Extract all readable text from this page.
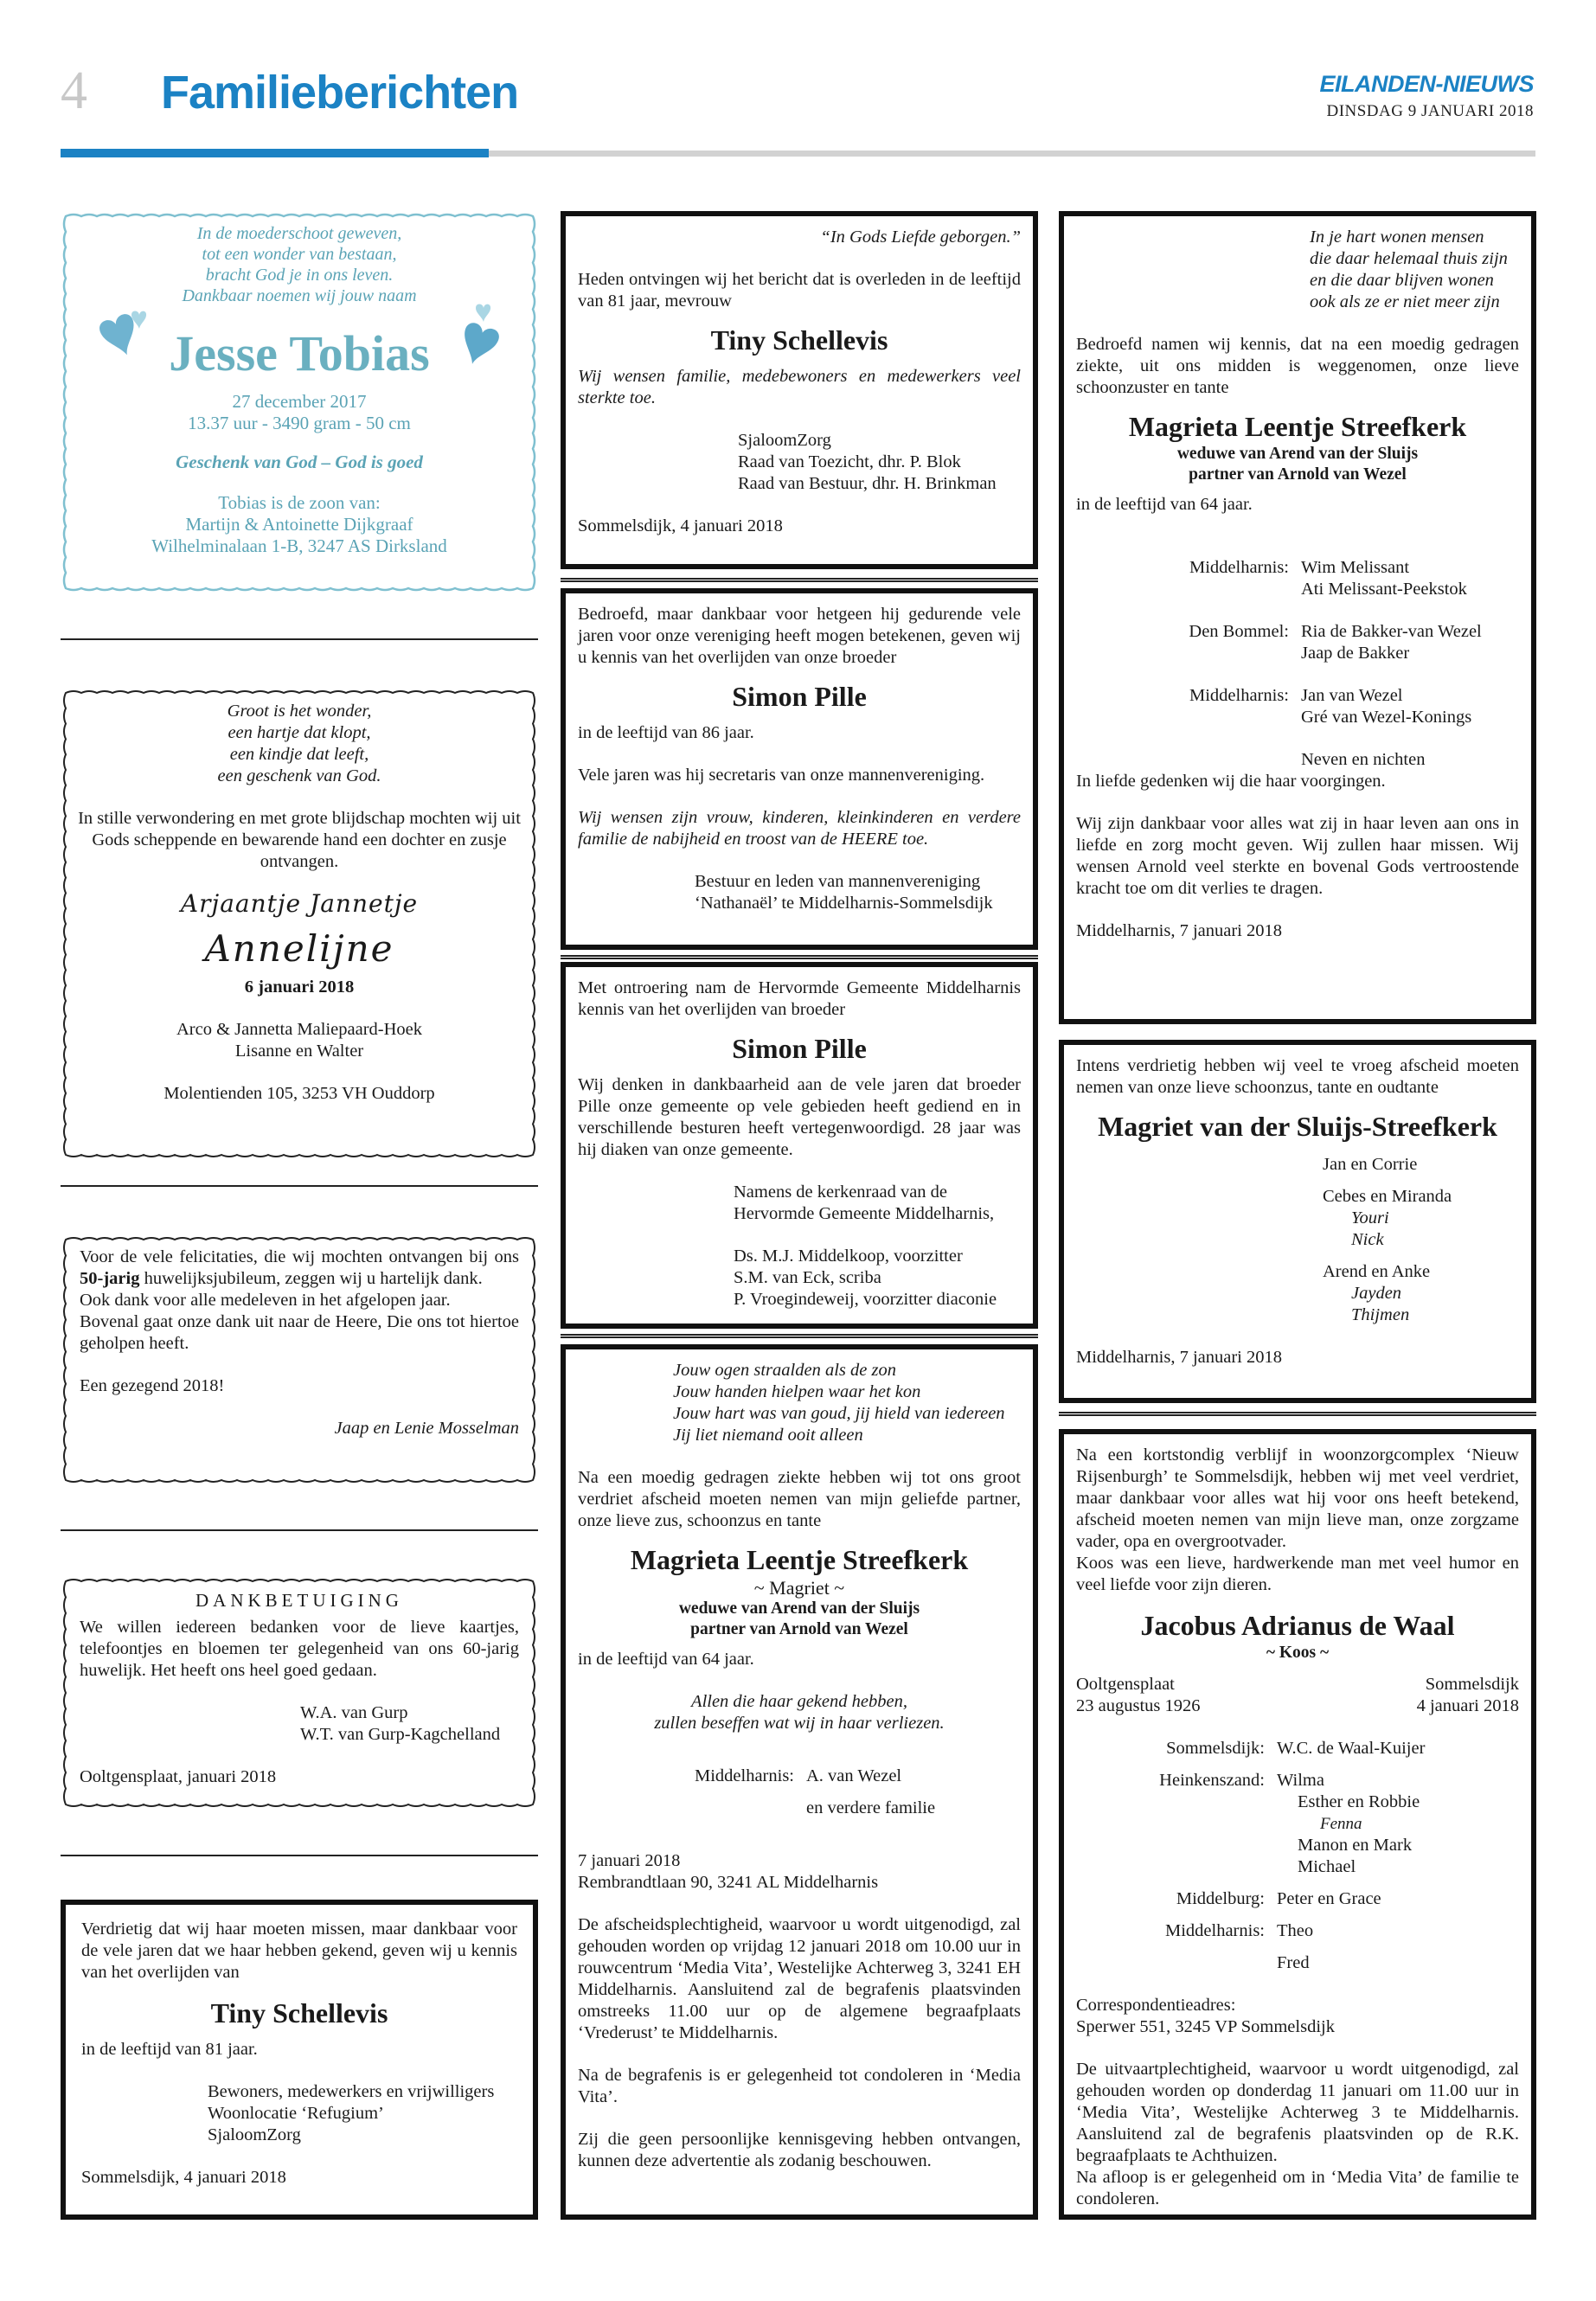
4 Familieberichten	EILANDEN-NIEUWS
DINSDAG 9 JANUARI 2018
In de moederschoot geweven,
tot een wonder van bestaan,
bracht God je in ons leven.
Dankbaar noemen wij jouw naam
Jesse Tobias
27 december 2017
13.37 uur - 3490 gram - 50 cm
Geschenk van God – God is goed
Tobias is de zoon van:
Martijn & Antoinette Dijkgraaf
Wilhelminalaan 1-B, 3247 AS Dirksland
Groot is het wonder,
een hartje dat klopt,
een kindje dat leeft,
een geschenk van God.

In stille verwondering en met grote blijdschap mochten wij uit Gods scheppende en bewarende hand een dochter en zusje ontvangen.

Arjaantje Jannetje
Annelijne
6 januari 2018
Arco & Jannetta Maliepaard-Hoek
Lisanne en Walter
Molentienden 105, 3253 VH Ouddorp

Voor de vele felicitaties, die wij mochten ontvangen bij ons 50-jarig huwelijksjubileum, zeggen wij u hartelijk dank.

Ook dank voor alle medeleven in het afgelopen jaar.

Bovenal gaat onze dank uit naar de Heere, Die ons tot hiertoe geholpen heeft.

Een gezegend 2018!

Jaap en Lenie Mosselman

DANKBETUIGING

We willen iedereen bedanken voor de lieve kaartjes, telefoontjes en bloemen ter gelegenheid van ons 60-jarig huwelijk. Het heeft ons heel goed gedaan.

W.A. van Gurp
W.T. van Gurp-Kagchelland
Ooltgensplaat, januari 2018

Verdrietig dat wij haar moeten missen, maar dankbaar voor de vele jaren dat we haar hebben gekend, geven wij u kennis van het overlijden van

Tiny Schellevis

in de leeftijd van 81 jaar.

Bewoners, medewerkers en vrijwilligers
Woonlocatie ‘Refugium’
SjaloomZorg

Sommelsdijk, 4 januari 2018

“In Gods Liefde geborgen.”

Heden ontvingen wij het bericht dat is overleden in de leeftijd van 81 jaar, mevrouw

Tiny Schellevis

Wij wensen familie, medebewoners en medewerkers veel sterkte toe.

SjaloomZorg
Raad van Toezicht, dhr. P. Blok
Raad van Bestuur, dhr. H. Brinkman

Sommelsdijk, 4 januari 2018

Bedroefd, maar dankbaar voor hetgeen hij gedurende vele jaren voor onze vereniging heeft mogen betekenen, geven wij u kennis van het overlijden van onze broeder

Simon Pille

in de leeftijd van 86 jaar.

Vele jaren was hij secretaris van onze mannenvereniging.

Wij wensen zijn vrouw, kinderen, kleinkinderen en verdere familie de nabijheid en troost van de HEERE toe.

Bestuur en leden van mannenvereniging
‘Nathanaël’ te Middelharnis-Sommelsdijk

Met ontroering nam de Hervormde Gemeente Middelharnis kennis van het overlijden van broeder

Simon Pille

Wij denken in dankbaarheid aan de vele jaren dat broeder Pille onze gemeente op vele gebieden heeft gediend en in verschillende besturen heeft vertegenwoordigd. 28 jaar was hij diaken van onze gemeente.

Namens de kerkenraad van de
Hervormde Gemeente Middelharnis,
Ds. M.J. Middelkoop, voorzitter
S.M. van Eck, scriba
P. Vroegindeweij, voorzitter diaconie
Jouw ogen straalden als de zon
Jouw handen hielpen waar het kon
Jouw hart was van goud, jij hield van iedereen
Jij liet niemand ooit alleen

Na een moedig gedragen ziekte hebben wij tot ons groot verdriet afscheid moeten nemen van mijn geliefde partner, onze lieve zus, schoonzus en tante

Magrieta Leentje Streefkerk

~ Magriet ~

weduwe van Arend van der Sluijs

partner van Arnold van Wezel

in de leeftijd van 64 jaar.

Allen die haar gekend hebben,
zullen beseffen wat wij in haar verliezen.
Middelharnis: A. van Wezel
en verdere familie

7 januari 2018

Rembrandtlaan 90, 3241 AL Middelharnis

De afscheidsplechtigheid, waarvoor u wordt uitgenodigd, zal gehouden worden op vrijdag 12 januari 2018 om 10.00 uur in rouwcentrum ‘Media Vita’, Westelijke Achterweg 3, 3241 EH Middelharnis. Aansluitend zal de begrafenis plaatsvinden omstreeks 11.00 uur op de algemene begraafplaats ‘Vrederust’ te Middelharnis.

Na de begrafenis is er gelegenheid tot condoleren in ‘Media Vita’.

Zij die geen persoonlijke kennisgeving hebben ontvangen, kunnen deze advertentie als zodanig beschouwen.

In je hart wonen mensen
die daar helemaal thuis zijn
en die daar blijven wonen
ook als ze er niet meer zijn

Bedroefd namen wij kennis, dat na een moedig gedragen ziekte, uit ons midden is weggenomen, onze lieve schoonzuster en tante

Magrieta Leentje Streefkerk

weduwe van Arend van der Sluijs

partner van Arnold van Wezel

in de leeftijd van 64 jaar.

Middelharnis: Wim Melissant
Ati Melissant-Peekstok
Den Bommel: Ria de Bakker-van Wezel
Jaap de Bakker
Middelharnis: Jan van Wezel
Gré van Wezel-Konings
Neven en nichten

In liefde gedenken wij die haar voorgingen.

Wij zijn dankbaar voor alles wat zij in haar leven aan ons in liefde en zorg mocht geven. Wij zullen haar missen. Wij wensen Arnold veel sterkte en bovenal Gods vertroostende kracht toe om dit verlies te dragen.

Middelharnis, 7 januari 2018

Intens verdrietig hebben wij veel te vroeg afscheid moeten nemen van onze lieve schoonzus, tante en oudtante

Magriet van der Sluijs-Streefkerk

Jan en Corrie
Cebes en Miranda
Youri
Nick
Arend en Anke
Jayden
Thijmen

Middelharnis, 7 januari 2018

Na een kortstondig verblijf in woonzorgcomplex ‘Nieuw Rijsenburgh’ te Sommelsdijk, hebben wij met veel verdriet, maar dankbaar voor alles wat hij voor ons heeft betekend, afscheid moeten nemen van mijn lieve man, onze zorgzame vader, opa en overgrootvader.

Koos was een lieve, hardwerkende man met veel humor en veel liefde voor zijn dieren.

Jacobus Adrianus de Waal

~ Koos ~

Ooltgensplaat
23 augustus 1926
Sommelsdijk
4 januari 2018
Sommelsdijk: W.C. de Waal-Kuijer
Heinkenszand: Wilma
Esther en Robbie
Fenna
Manon en Mark
Michael
Middelburg: Peter en Grace
Middelharnis: Theo
Fred

Correspondentieadres:

Sperwer 551, 3245 VP Sommelsdijk

De uitvaartplechtigheid, waarvoor u wordt uitgenodigd, zal gehouden worden op donderdag 11 januari om 11.00 uur in ‘Media Vita’, Westelijke Achterweg 3 te Middelharnis. Aansluitend zal de begrafenis plaatsvinden op de R.K. begraafplaats te Achthuizen.

Na afloop is er gelegenheid om in ‘Media Vita’ de familie te condoleren.
